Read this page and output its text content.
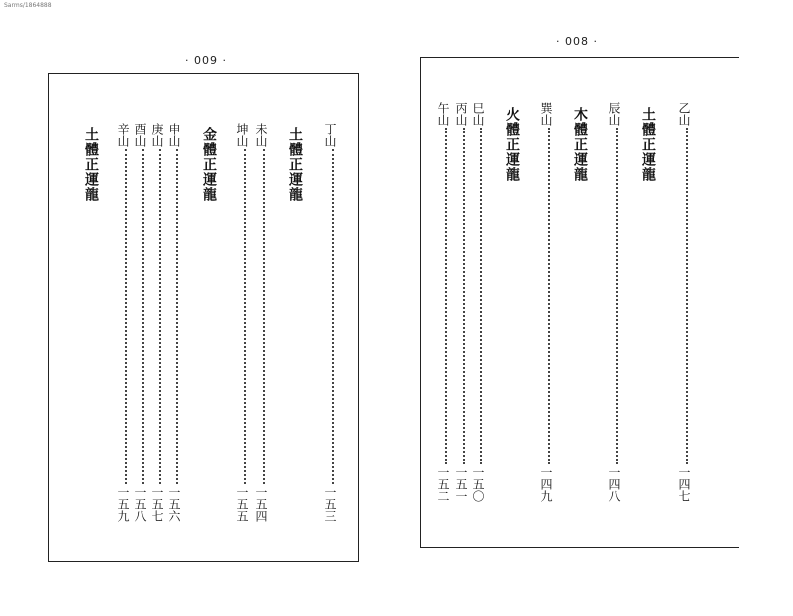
Sarms/1864888
· 009 ·
丁山一五三
土體正運龍
未山一五四
坤山一五五
金體正運龍
申山一五六
庚山一五七
酉山一五八
辛山一五九
土體正運龍
· 008 ·
乙山一四七
土體正運龍
辰山一四八
木體正運龍
巽山一四九
火體正運龍
巳山一五〇
丙山一五一
午山一五二
